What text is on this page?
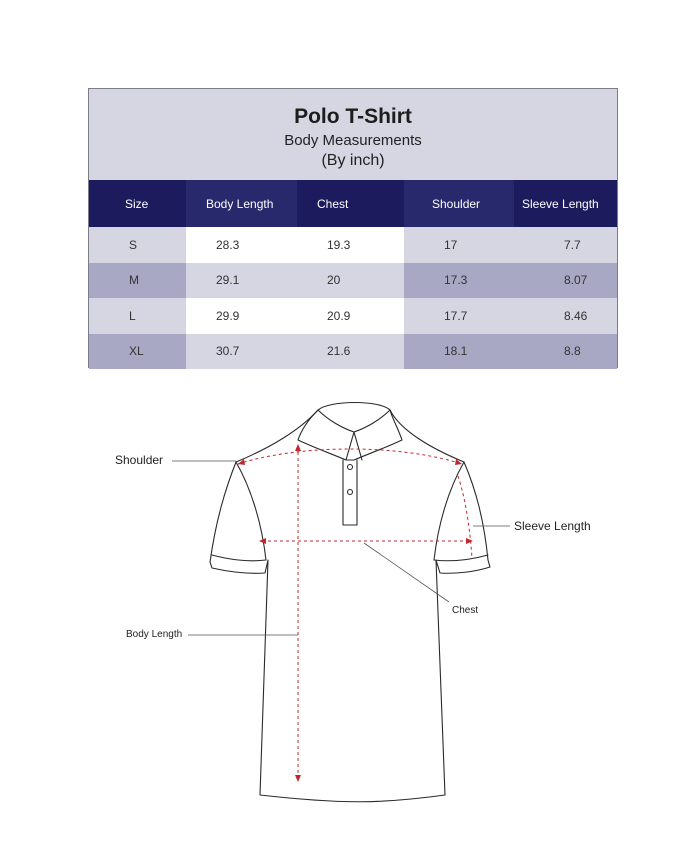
Polo T-Shirt
Body Measurements
(By inch)
Size	Body Length	Chest	Shoulder	Sleeve Length
S	28.3	19.3	17	7.7
M	29.1	20	17.3	8.07
L	29.9	20.9	17.7	8.46
XL	30.7	21.6	18.1	8.8
Shoulder
Sleeve Length
Chest
Body Length
